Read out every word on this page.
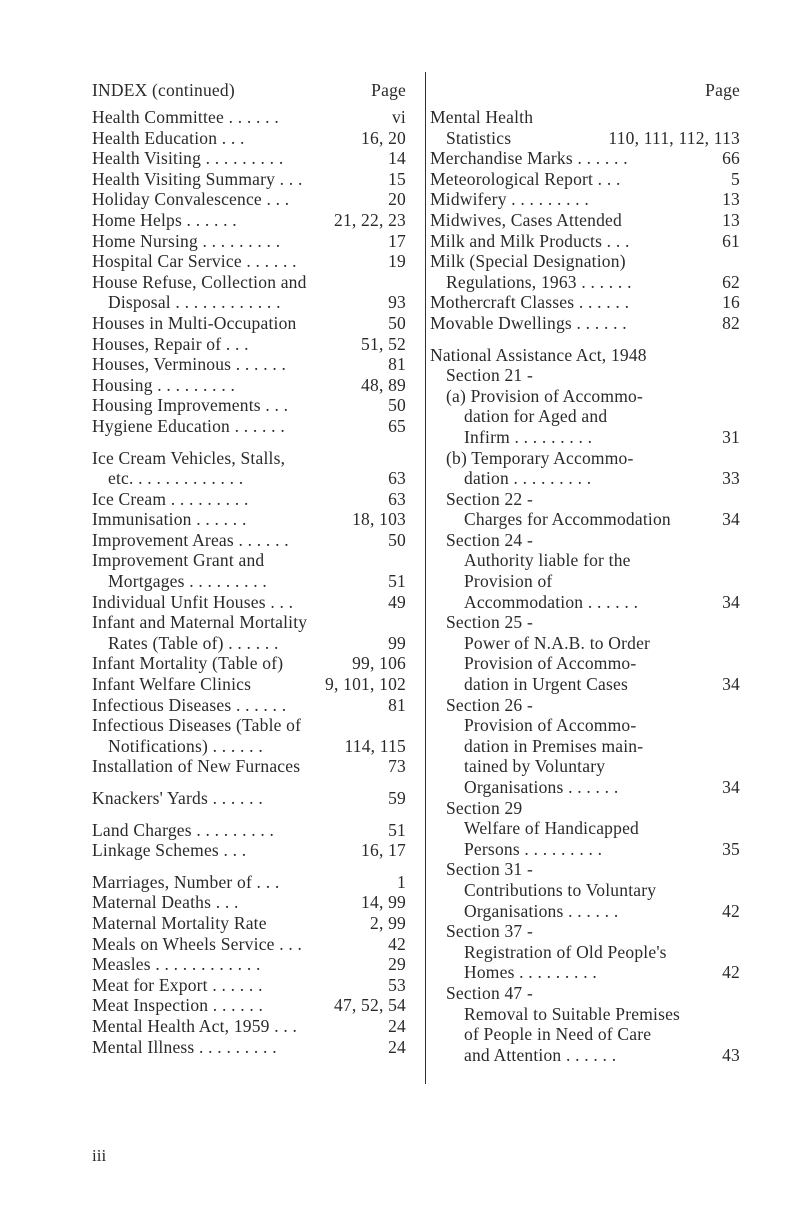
INDEX (continued)	Page
Health Committee . . . . . .	vi
Health Education . . .	16, 20
Health Visiting . . . . . . . . .	14
Health Visiting Summary . . .	15
Holiday Convalescence . . .	20
Home Helps . . . . . .	21, 22, 23
Home Nursing . . . . . . . . .	17
Hospital Car Service . . . . . .	19
House Refuse, Collection and
Disposal . . . . . . . . . . . .	93
Houses in Multi-Occupation	50
Houses, Repair of . . .	51, 52
Houses, Verminous . . . . . .	81
Housing . . . . . . . . .	48, 89
Housing Improvements . . .	50
Hygiene Education . . . . . .	65
Ice Cream Vehicles, Stalls,
etc. . . . . . . . . . . . .	63
Ice Cream . . . . . . . . .	63
Immunisation . . . . . .	18, 103
Improvement Areas . . . . . .	50
Improvement Grant and
Mortgages . . . . . . . . .	51
Individual Unfit Houses . . .	49
Infant and Maternal Mortality
Rates (Table of) . . . . . .	99
Infant Mortality (Table of)	99, 106
Infant Welfare Clinics	9, 101, 102
Infectious Diseases . . . . . .	81
Infectious Diseases (Table of
Notifications) . . . . . .	114, 115
Installation of New Furnaces	73
Knackers' Yards . . . . . .	59
Land Charges . . . . . . . . .	51
Linkage Schemes . . .	16, 17
Marriages, Number of . . .	1
Maternal Deaths . . .	14, 99
Maternal Mortality Rate	2, 99
Meals on Wheels Service . . .	42
Measles . . . . . . . . . . . .	29
Meat for Export . . . . . .	53
Meat Inspection . . . . . .	47, 52, 54
Mental Health Act, 1959 . . .	24
Mental Illness . . . . . . . . .	24
Page
Mental Health
Statistics	110, 111, 112, 113
Merchandise Marks . . . . . .	66
Meteorological Report . . .	5
Midwifery . . . . . . . . .	13
Midwives, Cases Attended	13
Milk and Milk Products . . .	61
Milk (Special Designation)
Regulations, 1963 . . . . . .	62
Mothercraft Classes . . . . . .	16
Movable Dwellings . . . . . .	82
National Assistance Act, 1948
Section 21 -
(a) Provision of Accommo-
dation for Aged and
Infirm . . . . . . . . .	31
(b) Temporary Accommo-
dation . . . . . . . . .	33
Section 22 -
Charges for Accommodation	34
Section 24 -
Authority liable for the
Provision of
Accommodation . . . . . .	34
Section 25 -
Power of N.A.B. to Order
Provision of Accommo-
dation in Urgent Cases	34
Section 26 -
Provision of Accommo-
dation in Premises main-
tained by Voluntary
Organisations . . . . . .	34
Section 29
Welfare of Handicapped
Persons . . . . . . . . .	35
Section 31 -
Contributions to Voluntary
Organisations . . . . . .	42
Section 37 -
Registration of Old People's
Homes . . . . . . . . .	42
Section 47 -
Removal to Suitable Premises
of People in Need of Care
and Attention . . . . . .	43
iii
